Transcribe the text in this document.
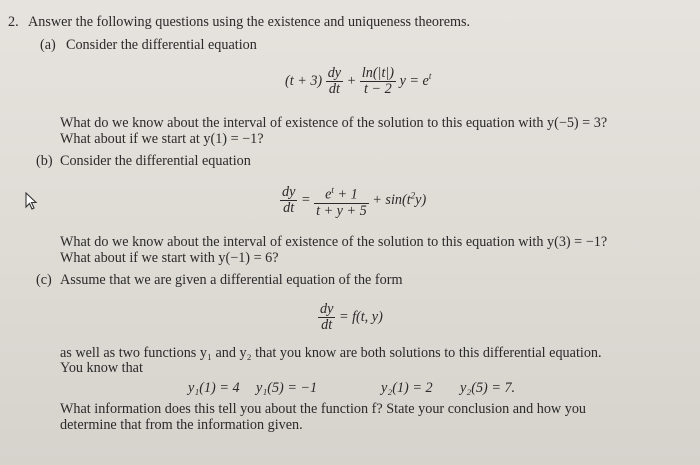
2. Answer the following questions using the existence and uniqueness theorems.
(a) Consider the differential equation
$(t + 3) \frac{dy}{dt} + \frac{\ln(|t|)}{t - 2}$ $y = e^t$
What do we know about the interval of existence of the solution to this equation with y(−5) = 3?
What about if we start at y(1) = −1?
(b) Consider the differential equation
$\frac{dy}{dt} = \frac{e^t + 1}{t + y + 5} + \sin(t^2y)$
What do we know about the interval of existence of the solution to this equation with y(3) = −1?
What about if we start with y(−1) = 6?
(c) Assume that we are given a differential equation of the form
$\frac{dy}{dt} = f(t$, y)
as well as two functions y₁ and y₂ that you know are both solutions to this differential equation.
You know that
y₁(1) = 4 y₁(5) = −1	y₂(1) = 2 y₂(5) = 7.
What information does this tell you about the function f? State your conclusion and how you
determine that from the information given.
